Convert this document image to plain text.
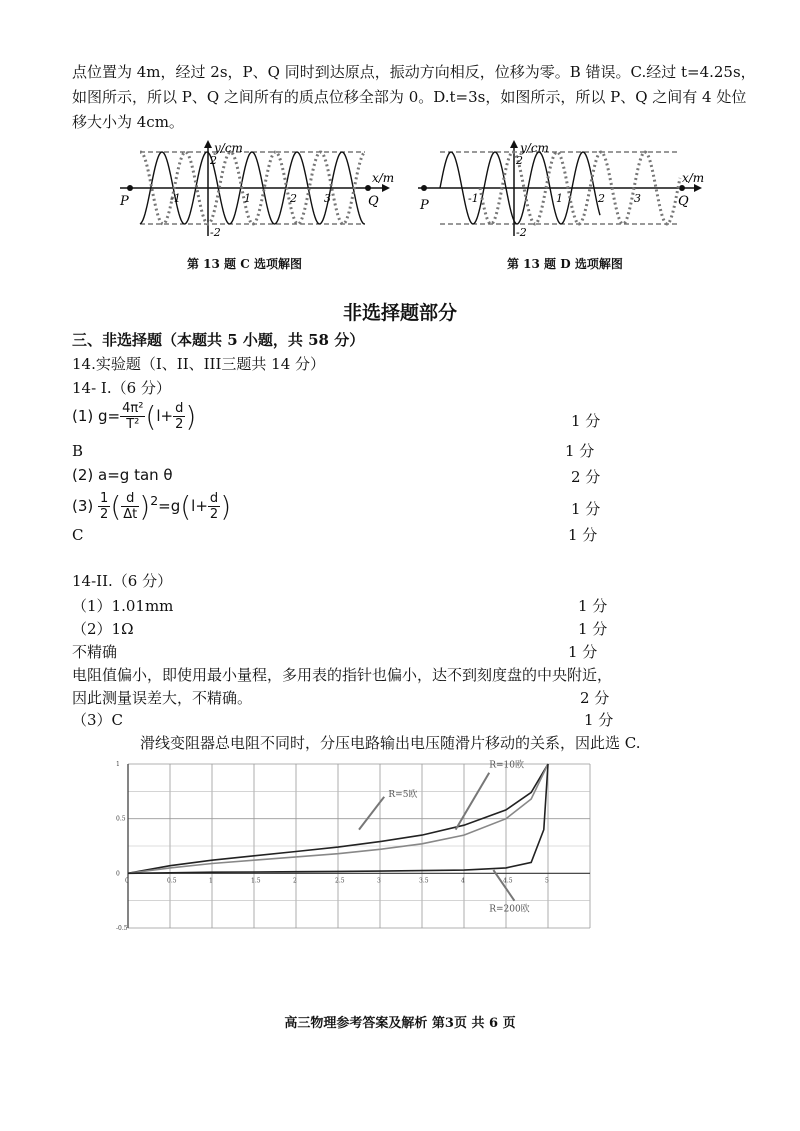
点位置为 4m，经过 2s，P、Q 同时到达原点，振动方向相反，位移为零。B 错误。C.经过 t=4.25s，
如图所示，所以 P、Q 之间所有的质点位移全部为 0。D.t=3s，如图所示，所以 P、Q 之间有 4 处位
移大小为 4cm。
y/cm
x/m
P	Q
2
-2
-1	1	2 3
第 13 题 C 选项解图
y/cm
x/m
P	Q
2
-2
-1	1	2	3
第 13 题 D 选项解图
非选择题部分
三、非选择题（本题共 5 小题，共 58 分）
14.实验题（I、II、III三题共 14 分）
14- I.（6 分）
(1) $g= \frac{\text{4π²}}{\text{T²}} (l+ \frac{d}{2}$ )	1 分
B	1 分
(2) a=g tan θ	2 分
$(3) \frac{1}{2}$ ( $\frac{d}{\Delta t} )^2=g(l+ \frac{d}{2}$ )	1 分
C	1 分
14-II.（6 分）
（1）1.01mm	1 分
（2）1Ω	1 分
不精确	1 分
电阻值偏小，即使用最小量程，多用表的指针也偏小，达不到刻度盘的中央附近，
因此测量误差大，不精确。	2 分
（3）C	1 分
滑线变阻器总电阻不同时，分压电路输出电压随滑片移动的关系，因此选 C.
0	0.5	1	1.5	2	2.5	3	3.5	4	4.5	5
1
0.5
0
-0.5
R=5欧
R=10欧
R=200欧
高三物理参考答案及解析 第3页 共 6 页
